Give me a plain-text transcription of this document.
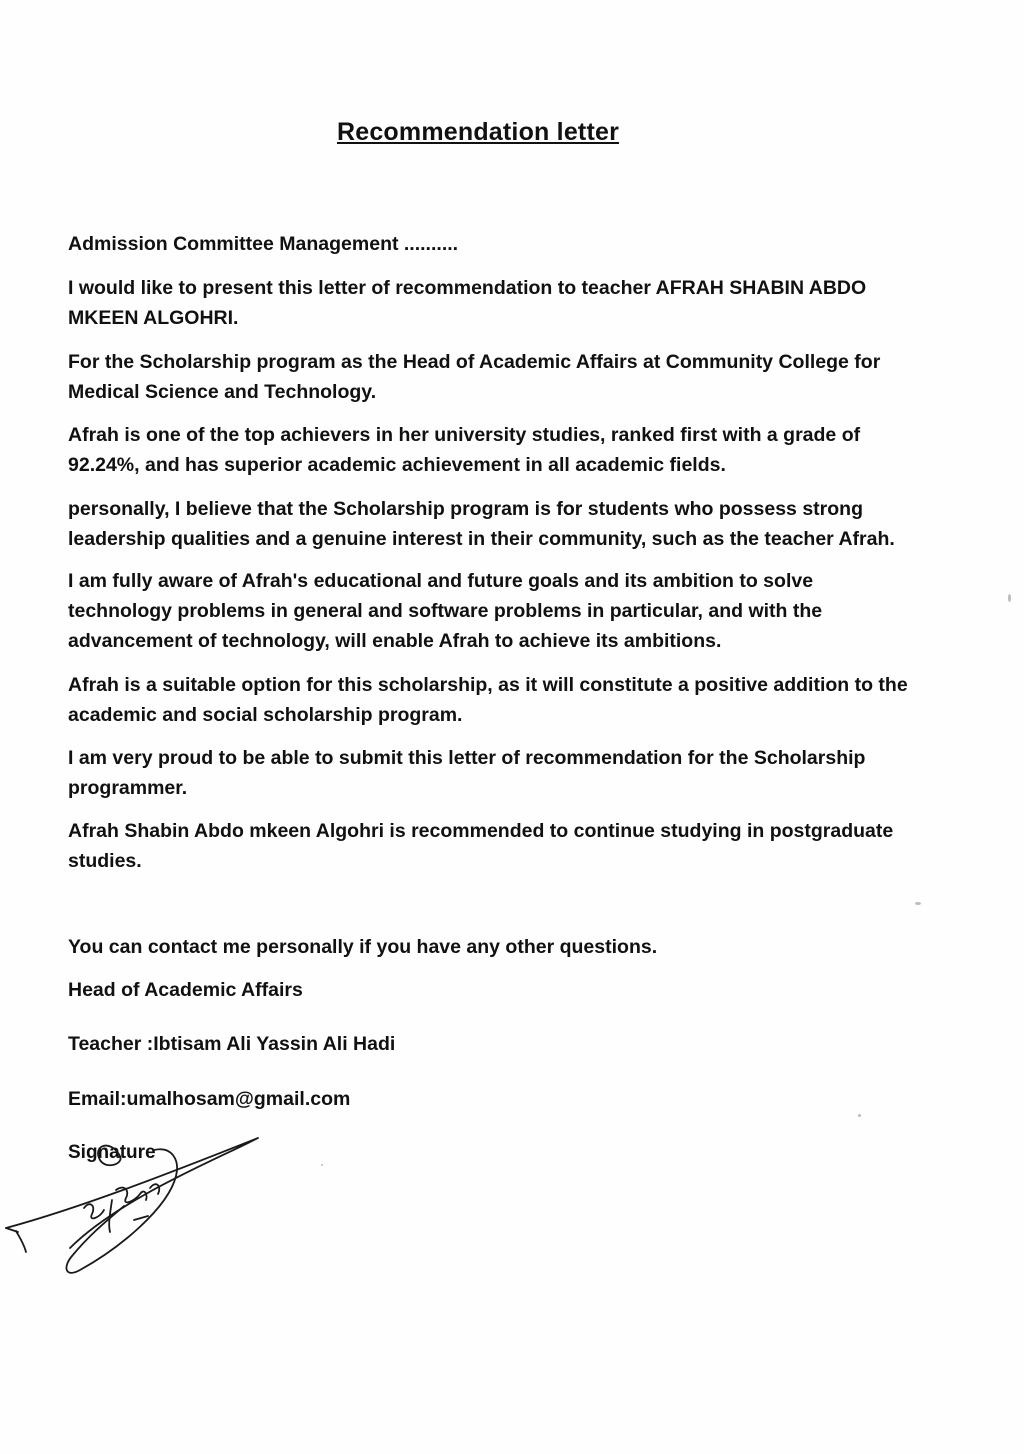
Recommendation letter
Admission Committee Management ..........
I would like to present this letter of recommendation to teacher AFRAH SHABIN ABDO
MKEEN ALGOHRI.
For the Scholarship program as the Head of Academic Affairs at Community College for
Medical Science and Technology.
Afrah is one of the top achievers in her university studies, ranked first with a grade of
92.24%, and has superior academic achievement in all academic fields.
personally, I believe that the Scholarship program is for students who possess strong
leadership qualities and a genuine interest in their community, such as the teacher Afrah.
I am fully aware of Afrah's educational and future goals and its ambition to solve
technology problems in general and software problems in particular, and with the
advancement of technology, will enable Afrah to achieve its ambitions.
Afrah is a suitable option for this scholarship, as it will constitute a positive addition to the
academic and social scholarship program.
I am very proud to be able to submit this letter of recommendation for the Scholarship
programmer.
Afrah Shabin Abdo mkeen Algohri is recommended to continue studying in postgraduate
studies.
You can contact me personally if you have any other questions.
Head of Academic Affairs
Teacher :Ibtisam Ali Yassin Ali Hadi
Email:umalhosam@gmail.com
Signature
